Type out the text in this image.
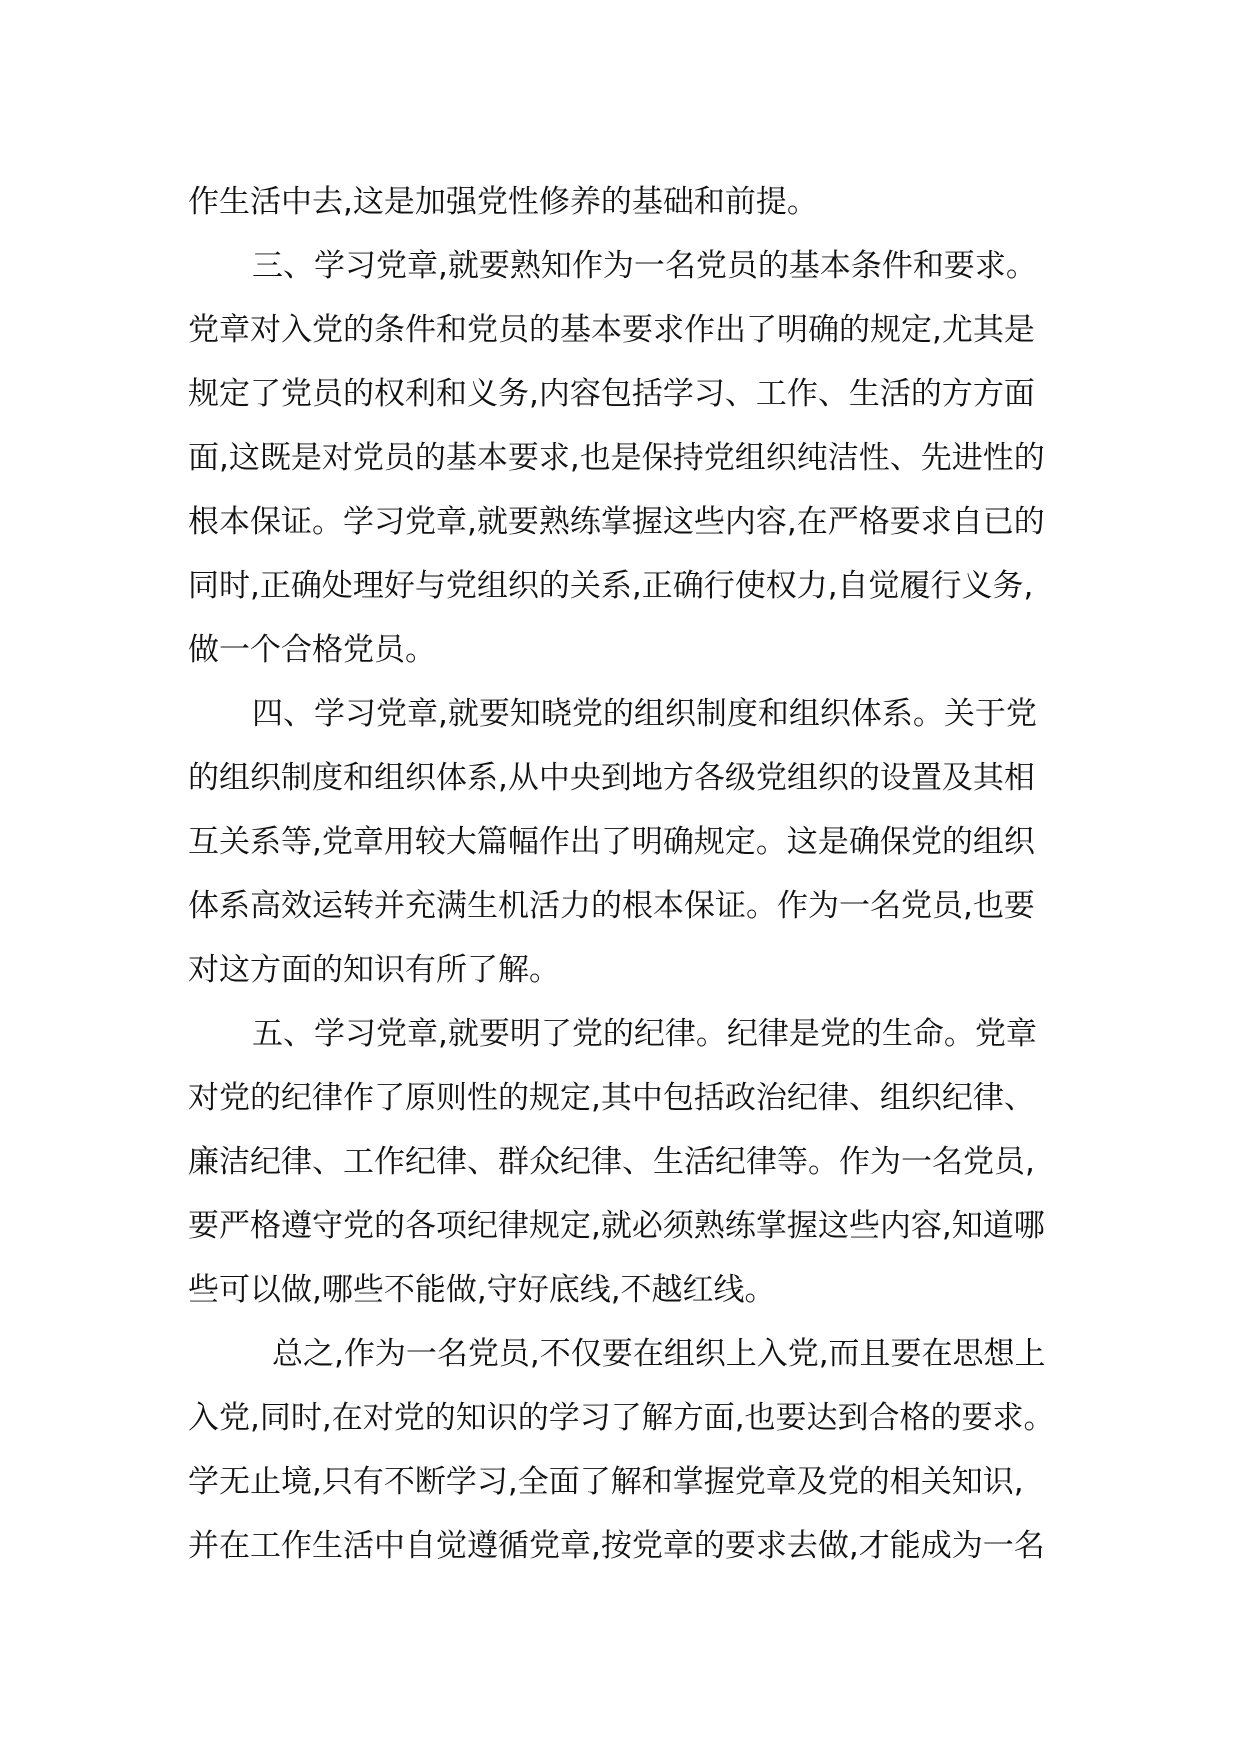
作生活中去,这是加强党性修养的基础和前提。
三、学习党章,就要熟知作为一名党员的基本条件和要求。
党章对入党的条件和党员的基本要求作出了明确的规定,尤其是
规定了党员的权利和义务,内容包括学习、工作、生活的方方面
面,这既是对党员的基本要求,也是保持党组织纯洁性、先进性的
根本保证。学习党章,就要熟练掌握这些内容,在严格要求自已的
同时,正确处理好与党组织的关系,正确行使权力,自觉履行义务,
做一个合格党员。
四、学习党章,就要知晓党的组织制度和组织体系。关于党
的组织制度和组织体系,从中央到地方各级党组织的设置及其相
互关系等,党章用较大篇幅作出了明确规定。这是确保党的组织
体系高效运转并充满生机活力的根本保证。作为一名党员,也要
对这方面的知识有所了解。
五、学习党章,就要明了党的纪律。纪律是党的生命。党章
对党的纪律作了原则性的规定,其中包括政治纪律、组织纪律、
廉洁纪律、工作纪律、群众纪律、生活纪律等。作为一名党员,
要严格遵守党的各项纪律规定,就必须熟练掌握这些内容,知道哪
些可以做,哪些不能做,守好底线,不越红线。
总之,作为一名党员,不仅要在组织上入党,而且要在思想上
入党,同时,在对党的知识的学习了解方面,也要达到合格的要求。
学无止境,只有不断学习,全面了解和掌握党章及党的相关知识,
并在工作生活中自觉遵循党章,按党章的要求去做,才能成为一名
